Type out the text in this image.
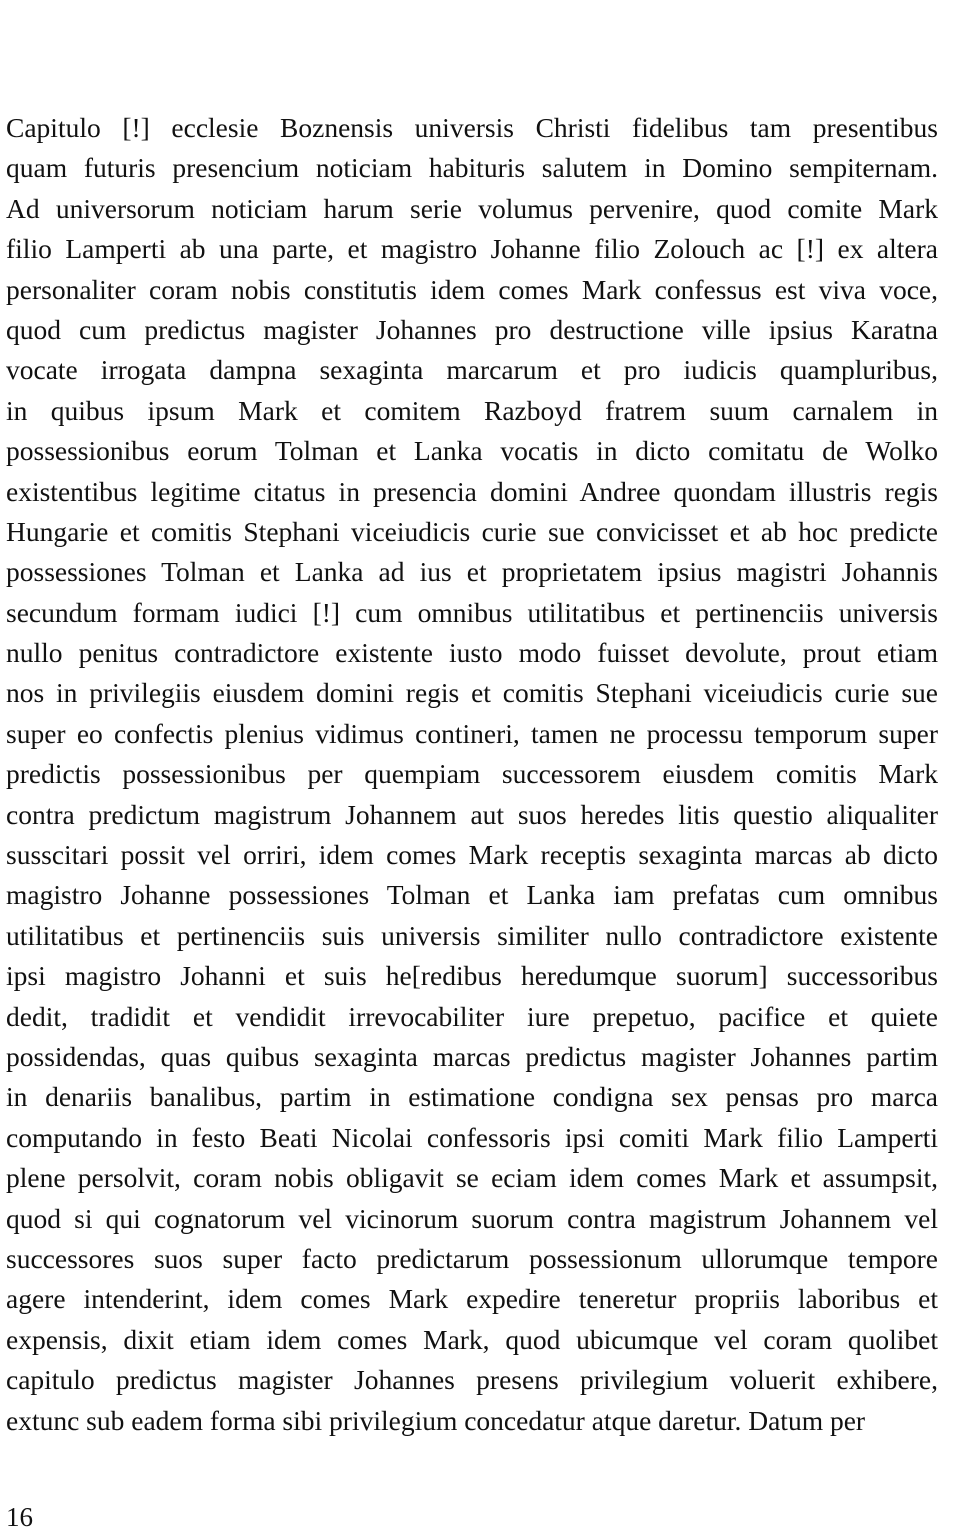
Capitulo [!] ecclesie Boznensis universis Christi fidelibus tam presentibus
quam futuris presencium noticiam habituris salutem in Domino sempiternam.
Ad universorum noticiam harum serie volumus pervenire, quod comite Mark
filio Lamperti ab una parte, et magistro Johanne filio Zolouch ac [!] ex altera
personaliter coram nobis constitutis idem comes Mark confessus est viva voce,
quod cum predictus magister Johannes pro destructione ville ipsius Karatna
vocate irrogata dampna sexaginta marcarum et pro iudicis quampluribus,
in quibus ipsum Mark et comitem Razboyd fratrem suum carnalem in
possessionibus eorum Tolman et Lanka vocatis in dicto comitatu de Wolko
existentibus legitime citatus in presencia domini Andree quondam illustris regis
Hungarie et comitis Stephani viceiudicis curie sue convicisset et ab hoc predicte
possessiones Tolman et Lanka ad ius et proprietatem ipsius magistri Johannis
secundum formam iudici [!] cum omnibus utilitatibus et pertinenciis universis
nullo penitus contradictore existente iusto modo fuisset devolute, prout etiam
nos in privilegiis eiusdem domini regis et comitis Stephani viceiudicis curie sue
super eo confectis plenius vidimus contineri, tamen ne processu temporum super
predictis possessionibus per quempiam successorem eiusdem comitis Mark
contra predictum magistrum Johannem aut suos heredes litis questio aliqualiter
susscitari possit vel orriri, idem comes Mark receptis sexaginta marcas ab dicto
magistro Johanne possessiones Tolman et Lanka iam prefatas cum omnibus
utilitatibus et pertinenciis suis universis similiter nullo contradictore existente
ipsi magistro Johanni et suis he[redibus heredumque suorum] successoribus
dedit, tradidit et vendidit irrevocabiliter iure prepetuo, pacifice et quiete
possidendas, quas quibus sexaginta marcas predictus magister Johannes partim
in denariis banalibus, partim in estimatione condigna sex pensas pro marca
computando in festo Beati Nicolai confessoris ipsi comiti Mark filio Lamperti
plene persolvit, coram nobis obligavit se eciam idem comes Mark et assumpsit,
quod si qui cognatorum vel vicinorum suorum contra magistrum Johannem vel
successores suos super facto predictarum possessionum ullorumque tempore
agere intenderint, idem comes Mark expedire teneretur propriis laboribus et
expensis, dixit etiam idem comes Mark, quod ubicumque vel coram quolibet
capitulo predictus magister Johannes presens privilegium voluerit exhibere,
extunc sub eadem forma sibi privilegium concedatur atque daretur. Datum per
16
